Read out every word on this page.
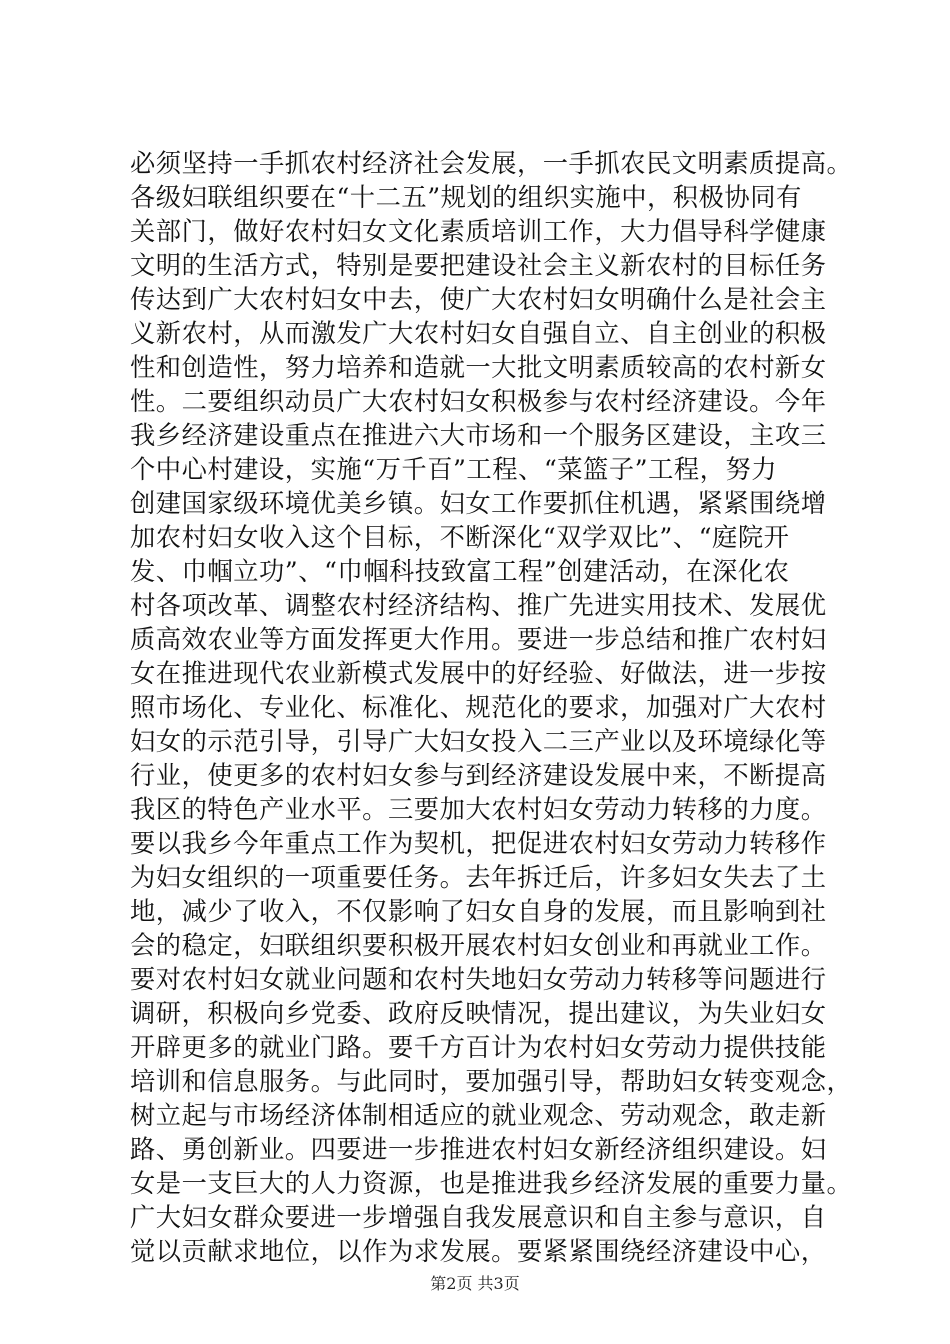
必须坚持一手抓农村经济社会发展，一手抓农民文明素质提高。
各级妇联组织要在“十二五”规划的组织实施中，积极协同有
关部门，做好农村妇女文化素质培训工作，大力倡导科学健康
文明的生活方式，特别是要把建设社会主义新农村的目标任务
传达到广大农村妇女中去，使广大农村妇女明确什么是社会主
义新农村，从而激发广大农村妇女自强自立、自主创业的积极
性和创造性，努力培养和造就一大批文明素质较高的农村新女
性。二要组织动员广大农村妇女积极参与农村经济建设。今年
我乡经济建设重点在推进六大市场和一个服务区建设，主攻三
个中心村建设，实施“万千百”工程、“菜篮子”工程，努力
创建国家级环境优美乡镇。妇女工作要抓住机遇，紧紧围绕增
加农村妇女收入这个目标，不断深化“双学双比”、“庭院开
发、巾帼立功”、“巾帼科技致富工程”创建活动，在深化农
村各项改革、调整农村经济结构、推广先进实用技术、发展优
质高效农业等方面发挥更大作用。要进一步总结和推广农村妇
女在推进现代农业新模式发展中的好经验、好做法，进一步按
照市场化、专业化、标准化、规范化的要求，加强对广大农村
妇女的示范引导，引导广大妇女投入二三产业以及环境绿化等
行业，使更多的农村妇女参与到经济建设发展中来，不断提高
我区的特色产业水平。三要加大农村妇女劳动力转移的力度。
要以我乡今年重点工作为契机，把促进农村妇女劳动力转移作
为妇女组织的一项重要任务。去年拆迁后，许多妇女失去了土
地，减少了收入，不仅影响了妇女自身的发展，而且影响到社
会的稳定，妇联组织要积极开展农村妇女创业和再就业工作。
要对农村妇女就业问题和农村失地妇女劳动力转移等问题进行
调研，积极向乡党委、政府反映情况，提出建议，为失业妇女
开辟更多的就业门路。要千方百计为农村妇女劳动力提供技能
培训和信息服务。与此同时，要加强引导，帮助妇女转变观念，
树立起与市场经济体制相适应的就业观念、劳动观念，敢走新
路、勇创新业。四要进一步推进农村妇女新经济组织建设。妇
女是一支巨大的人力资源，也是推进我乡经济发展的重要力量。
广大妇女群众要进一步增强自我发展意识和自主参与意识，自
觉以贡献求地位，以作为求发展。要紧紧围绕经济建设中心，
第2页 共3页
